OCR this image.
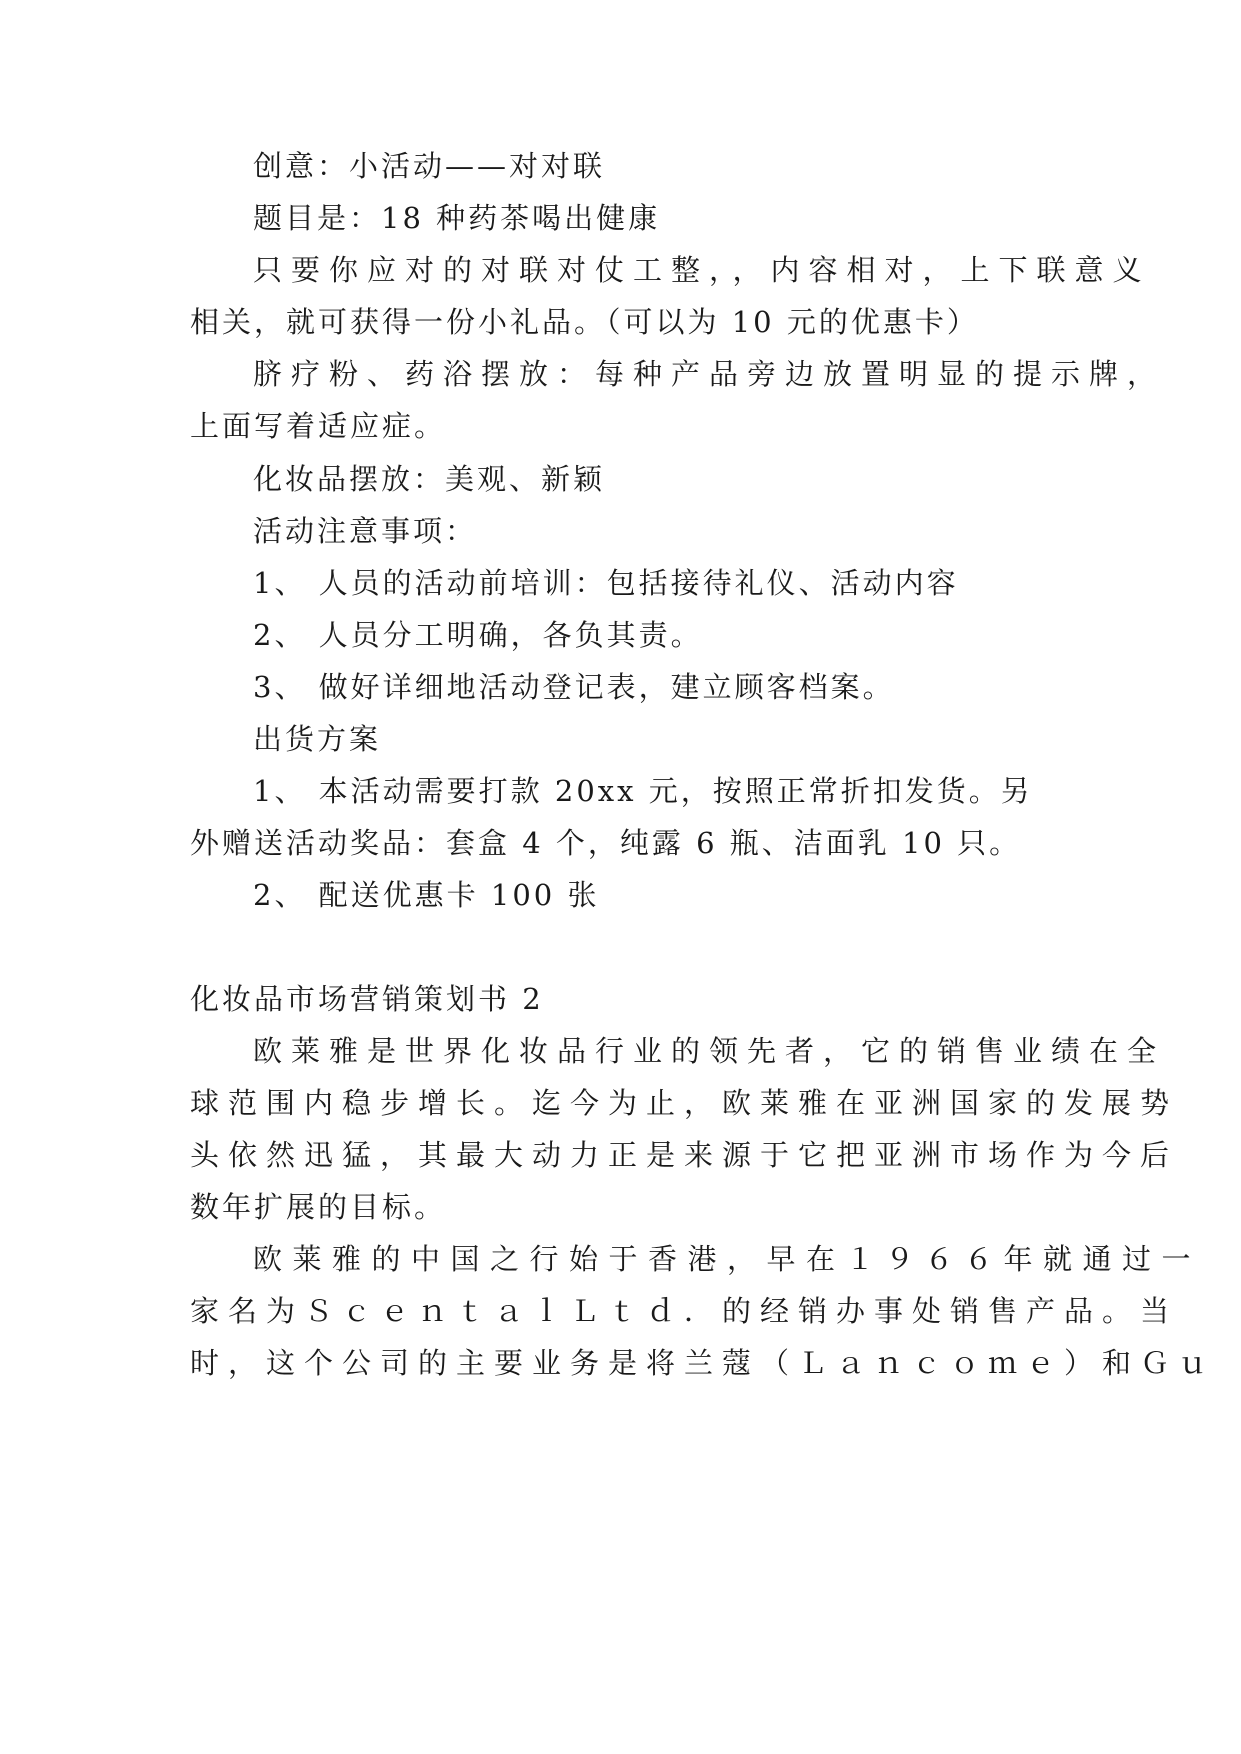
创意：小活动——对对联
题目是：18 种药茶喝出健康
只要你应对的对联对仗工整，，内容相对，上下联意义
相关，就可获得一份小礼品。（可以为 10 元的优惠卡）
脐疗粉、药浴摆放：每种产品旁边放置明显的提示牌，
上面写着适应症。
化妆品摆放：美观、新颖
活动注意事项：
1、 人员的活动前培训：包括接待礼仪、活动内容
2、 人员分工明确，各负其责。
3、 做好详细地活动登记表，建立顾客档案。
出货方案
1、 本活动需要打款 20xx 元，按照正常折扣发货。另
外赠送活动奖品：套盒 4 个，纯露 6 瓶、洁面乳 10 只。
2、 配送优惠卡 100 张
化妆品市场营销策划书 2
欧莱雅是世界化妆品行业的领先者，它的销售业绩在全
球范围内稳步增长。迄今为止，欧莱雅在亚洲国家的发展势
头依然迅猛，其最大动力正是来源于它把亚洲市场作为今后
数年扩展的目标。
欧莱雅的中国之行始于香港，早在１９６６年就通过一
家名为ＳｃｅｎｔａｌＬｔｄ．的经销办事处销售产品。当
时，这个公司的主要业务是将兰蔻（Ｌａｎｃｏｍｅ）和Ｇｕ
